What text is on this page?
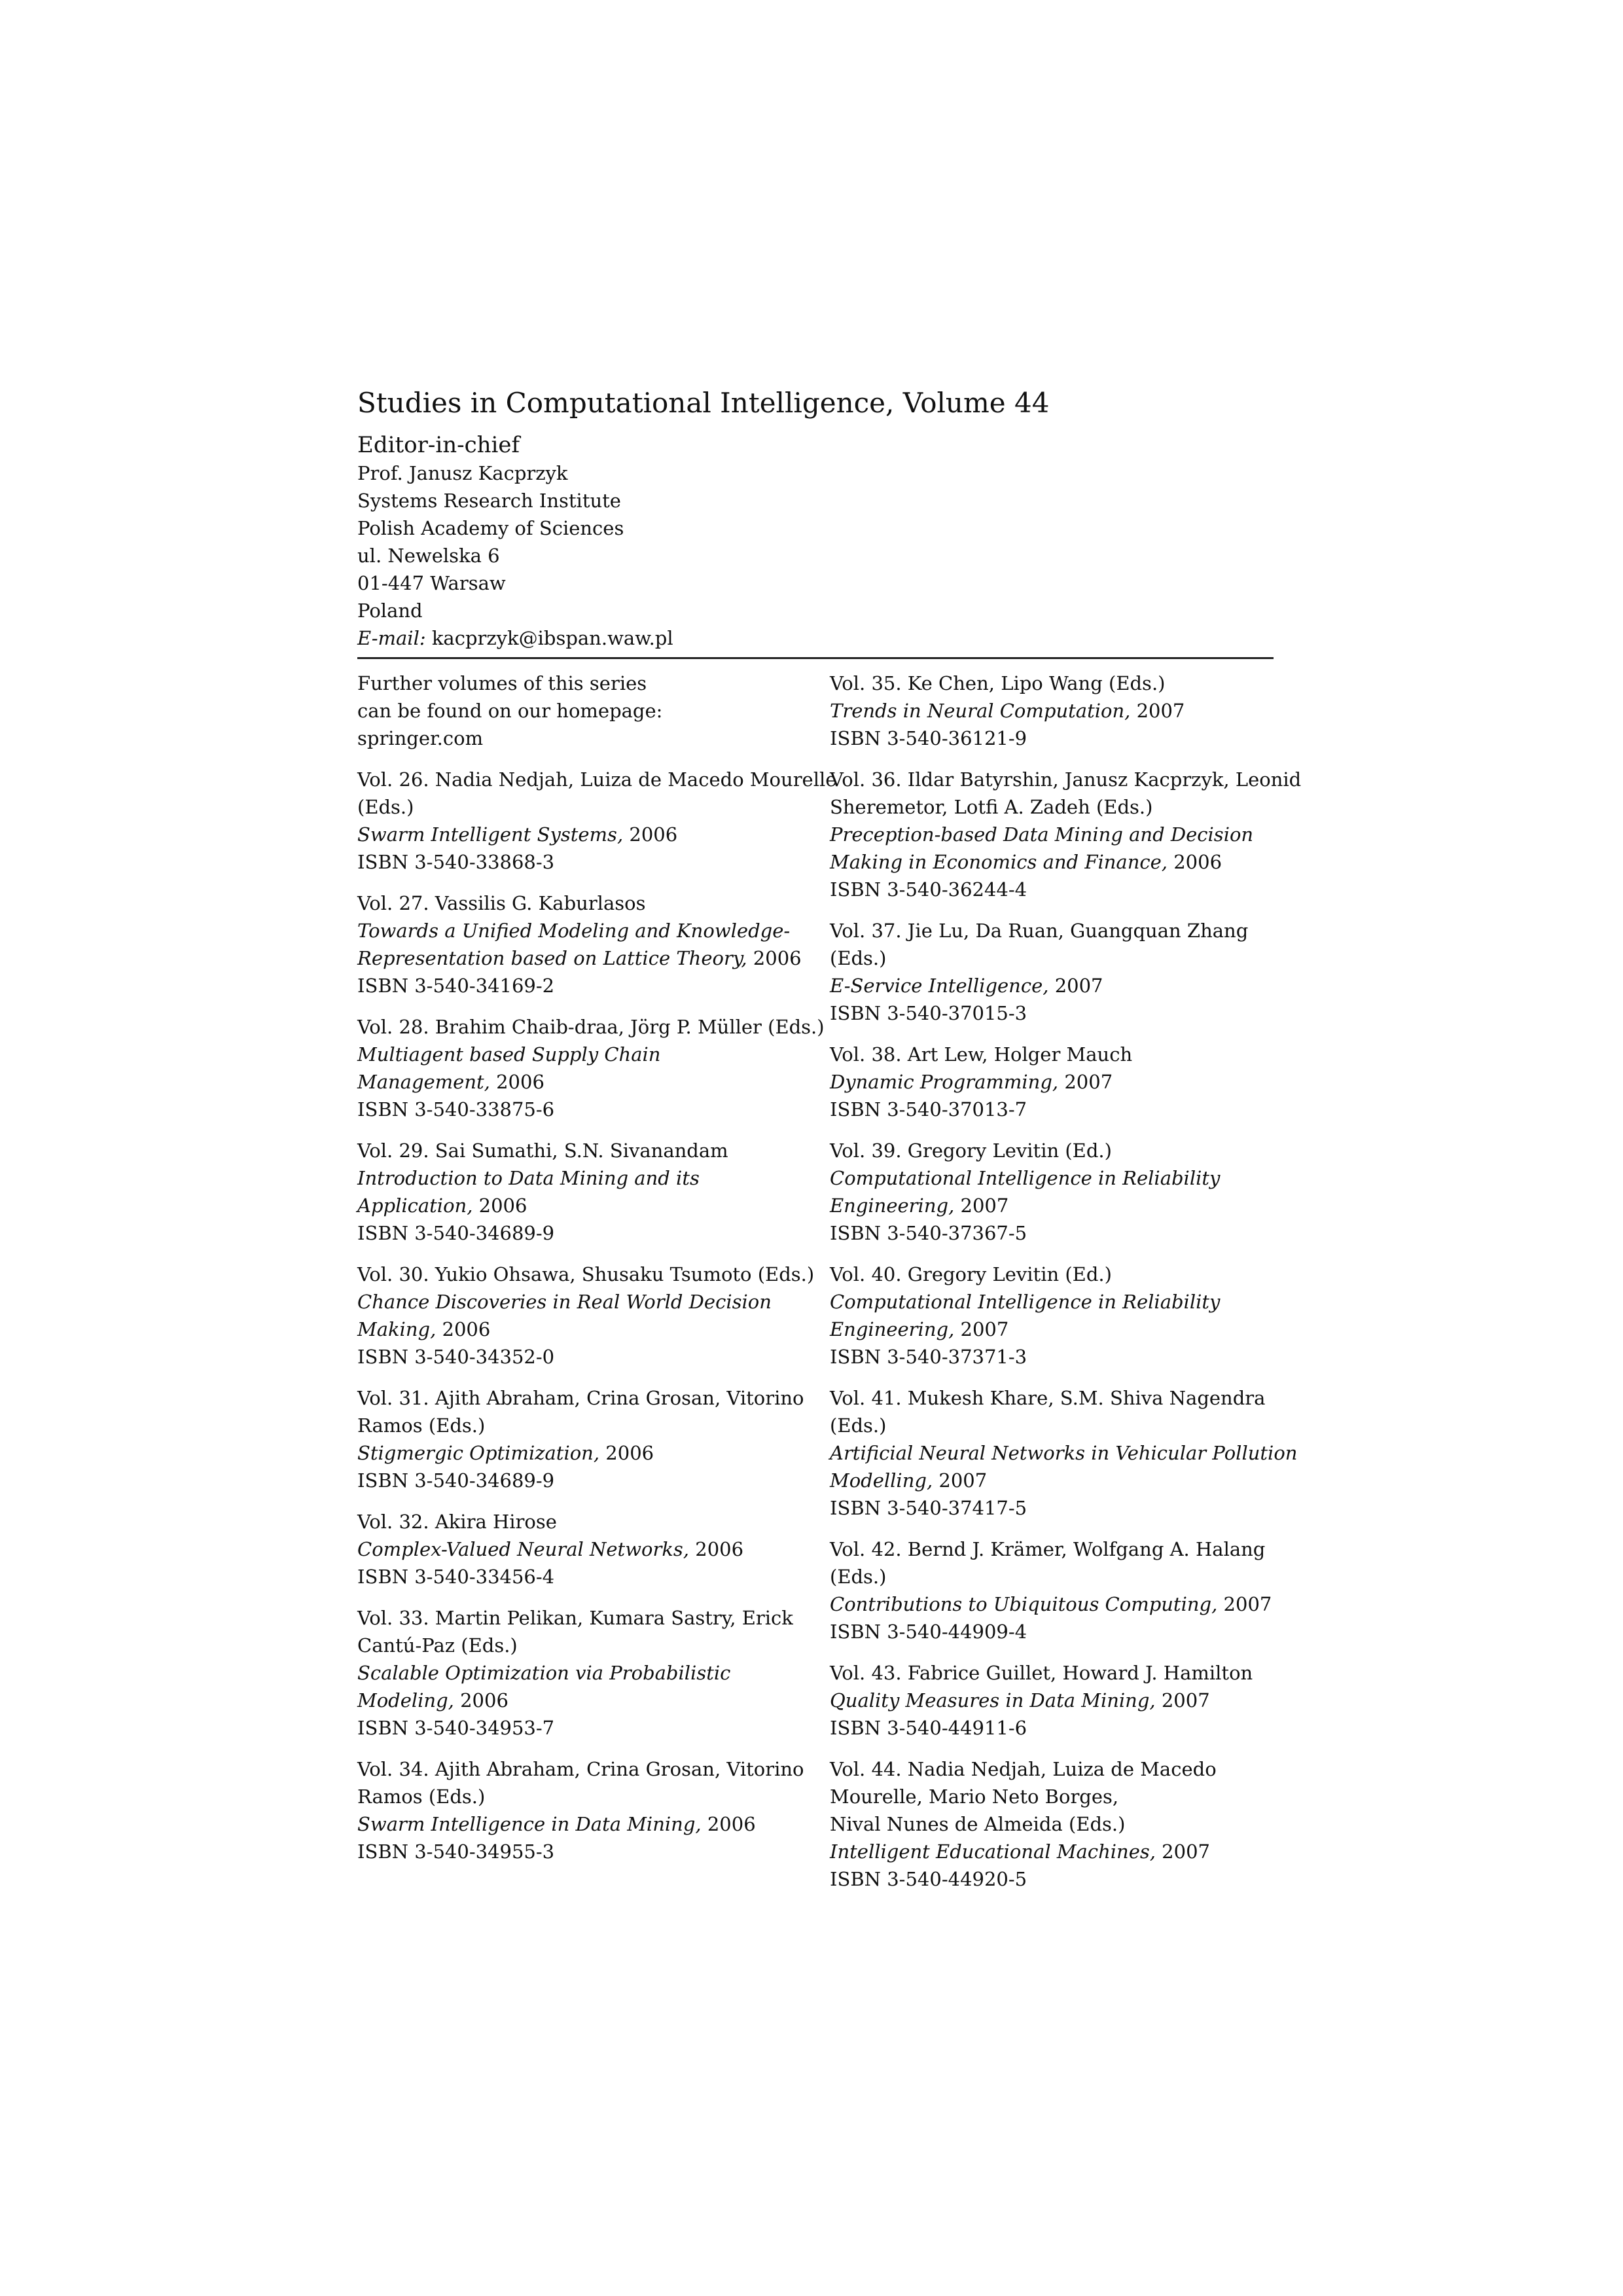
Studies in Computational Intelligence, Volume 44
Editor-in-chief
Prof. Janusz Kacprzyk
Systems Research Institute
Polish Academy of Sciences
ul. Newelska 6
01-447 Warsaw
Poland
E-mail: kacprzyk@ibspan.waw.pl
Further volumes of this series
can be found on our homepage:
springer.com
Vol. 26. Nadia Nedjah, Luiza de Macedo Mourelle
(Eds.)
Swarm Intelligent Systems, 2006
ISBN 3-540-33868-3
Vol. 27. Vassilis G. Kaburlasos
Towards a Unified Modeling and Knowledge-
Representation based on Lattice Theory, 2006
ISBN 3-540-34169-2
Vol. 28. Brahim Chaib-draa, Jörg P. Müller (Eds.)
Multiagent based Supply Chain
Management, 2006
ISBN 3-540-33875-6
Vol. 29. Sai Sumathi, S.N. Sivanandam
Introduction to Data Mining and its
Application, 2006
ISBN 3-540-34689-9
Vol. 30. Yukio Ohsawa, Shusaku Tsumoto (Eds.)
Chance Discoveries in Real World Decision
Making, 2006
ISBN 3-540-34352-0
Vol. 31. Ajith Abraham, Crina Grosan, Vitorino
Ramos (Eds.)
Stigmergic Optimization, 2006
ISBN 3-540-34689-9
Vol. 32. Akira Hirose
Complex-Valued Neural Networks, 2006
ISBN 3-540-33456-4
Vol. 33. Martin Pelikan, Kumara Sastry, Erick
Cantú-Paz (Eds.)
Scalable Optimization via Probabilistic
Modeling, 2006
ISBN 3-540-34953-7
Vol. 34. Ajith Abraham, Crina Grosan, Vitorino
Ramos (Eds.)
Swarm Intelligence in Data Mining, 2006
ISBN 3-540-34955-3
Vol. 35. Ke Chen, Lipo Wang (Eds.)
Trends in Neural Computation, 2007
ISBN 3-540-36121-9
Vol. 36. Ildar Batyrshin, Janusz Kacprzyk, Leonid
Sheremetor, Lotfi A. Zadeh (Eds.)
Preception-based Data Mining and Decision
Making in Economics and Finance, 2006
ISBN 3-540-36244-4
Vol. 37. Jie Lu, Da Ruan, Guangquan Zhang
(Eds.)
E-Service Intelligence, 2007
ISBN 3-540-37015-3
Vol. 38. Art Lew, Holger Mauch
Dynamic Programming, 2007
ISBN 3-540-37013-7
Vol. 39. Gregory Levitin (Ed.)
Computational Intelligence in Reliability
Engineering, 2007
ISBN 3-540-37367-5
Vol. 40. Gregory Levitin (Ed.)
Computational Intelligence in Reliability
Engineering, 2007
ISBN 3-540-37371-3
Vol. 41. Mukesh Khare, S.M. Shiva Nagendra
(Eds.)
Artificial Neural Networks in Vehicular Pollution
Modelling, 2007
ISBN 3-540-37417-5
Vol. 42. Bernd J. Krämer, Wolfgang A. Halang
(Eds.)
Contributions to Ubiquitous Computing, 2007
ISBN 3-540-44909-4
Vol. 43. Fabrice Guillet, Howard J. Hamilton
Quality Measures in Data Mining, 2007
ISBN 3-540-44911-6
Vol. 44. Nadia Nedjah, Luiza de Macedo
Mourelle, Mario Neto Borges,
Nival Nunes de Almeida (Eds.)
Intelligent Educational Machines, 2007
ISBN 3-540-44920-5
